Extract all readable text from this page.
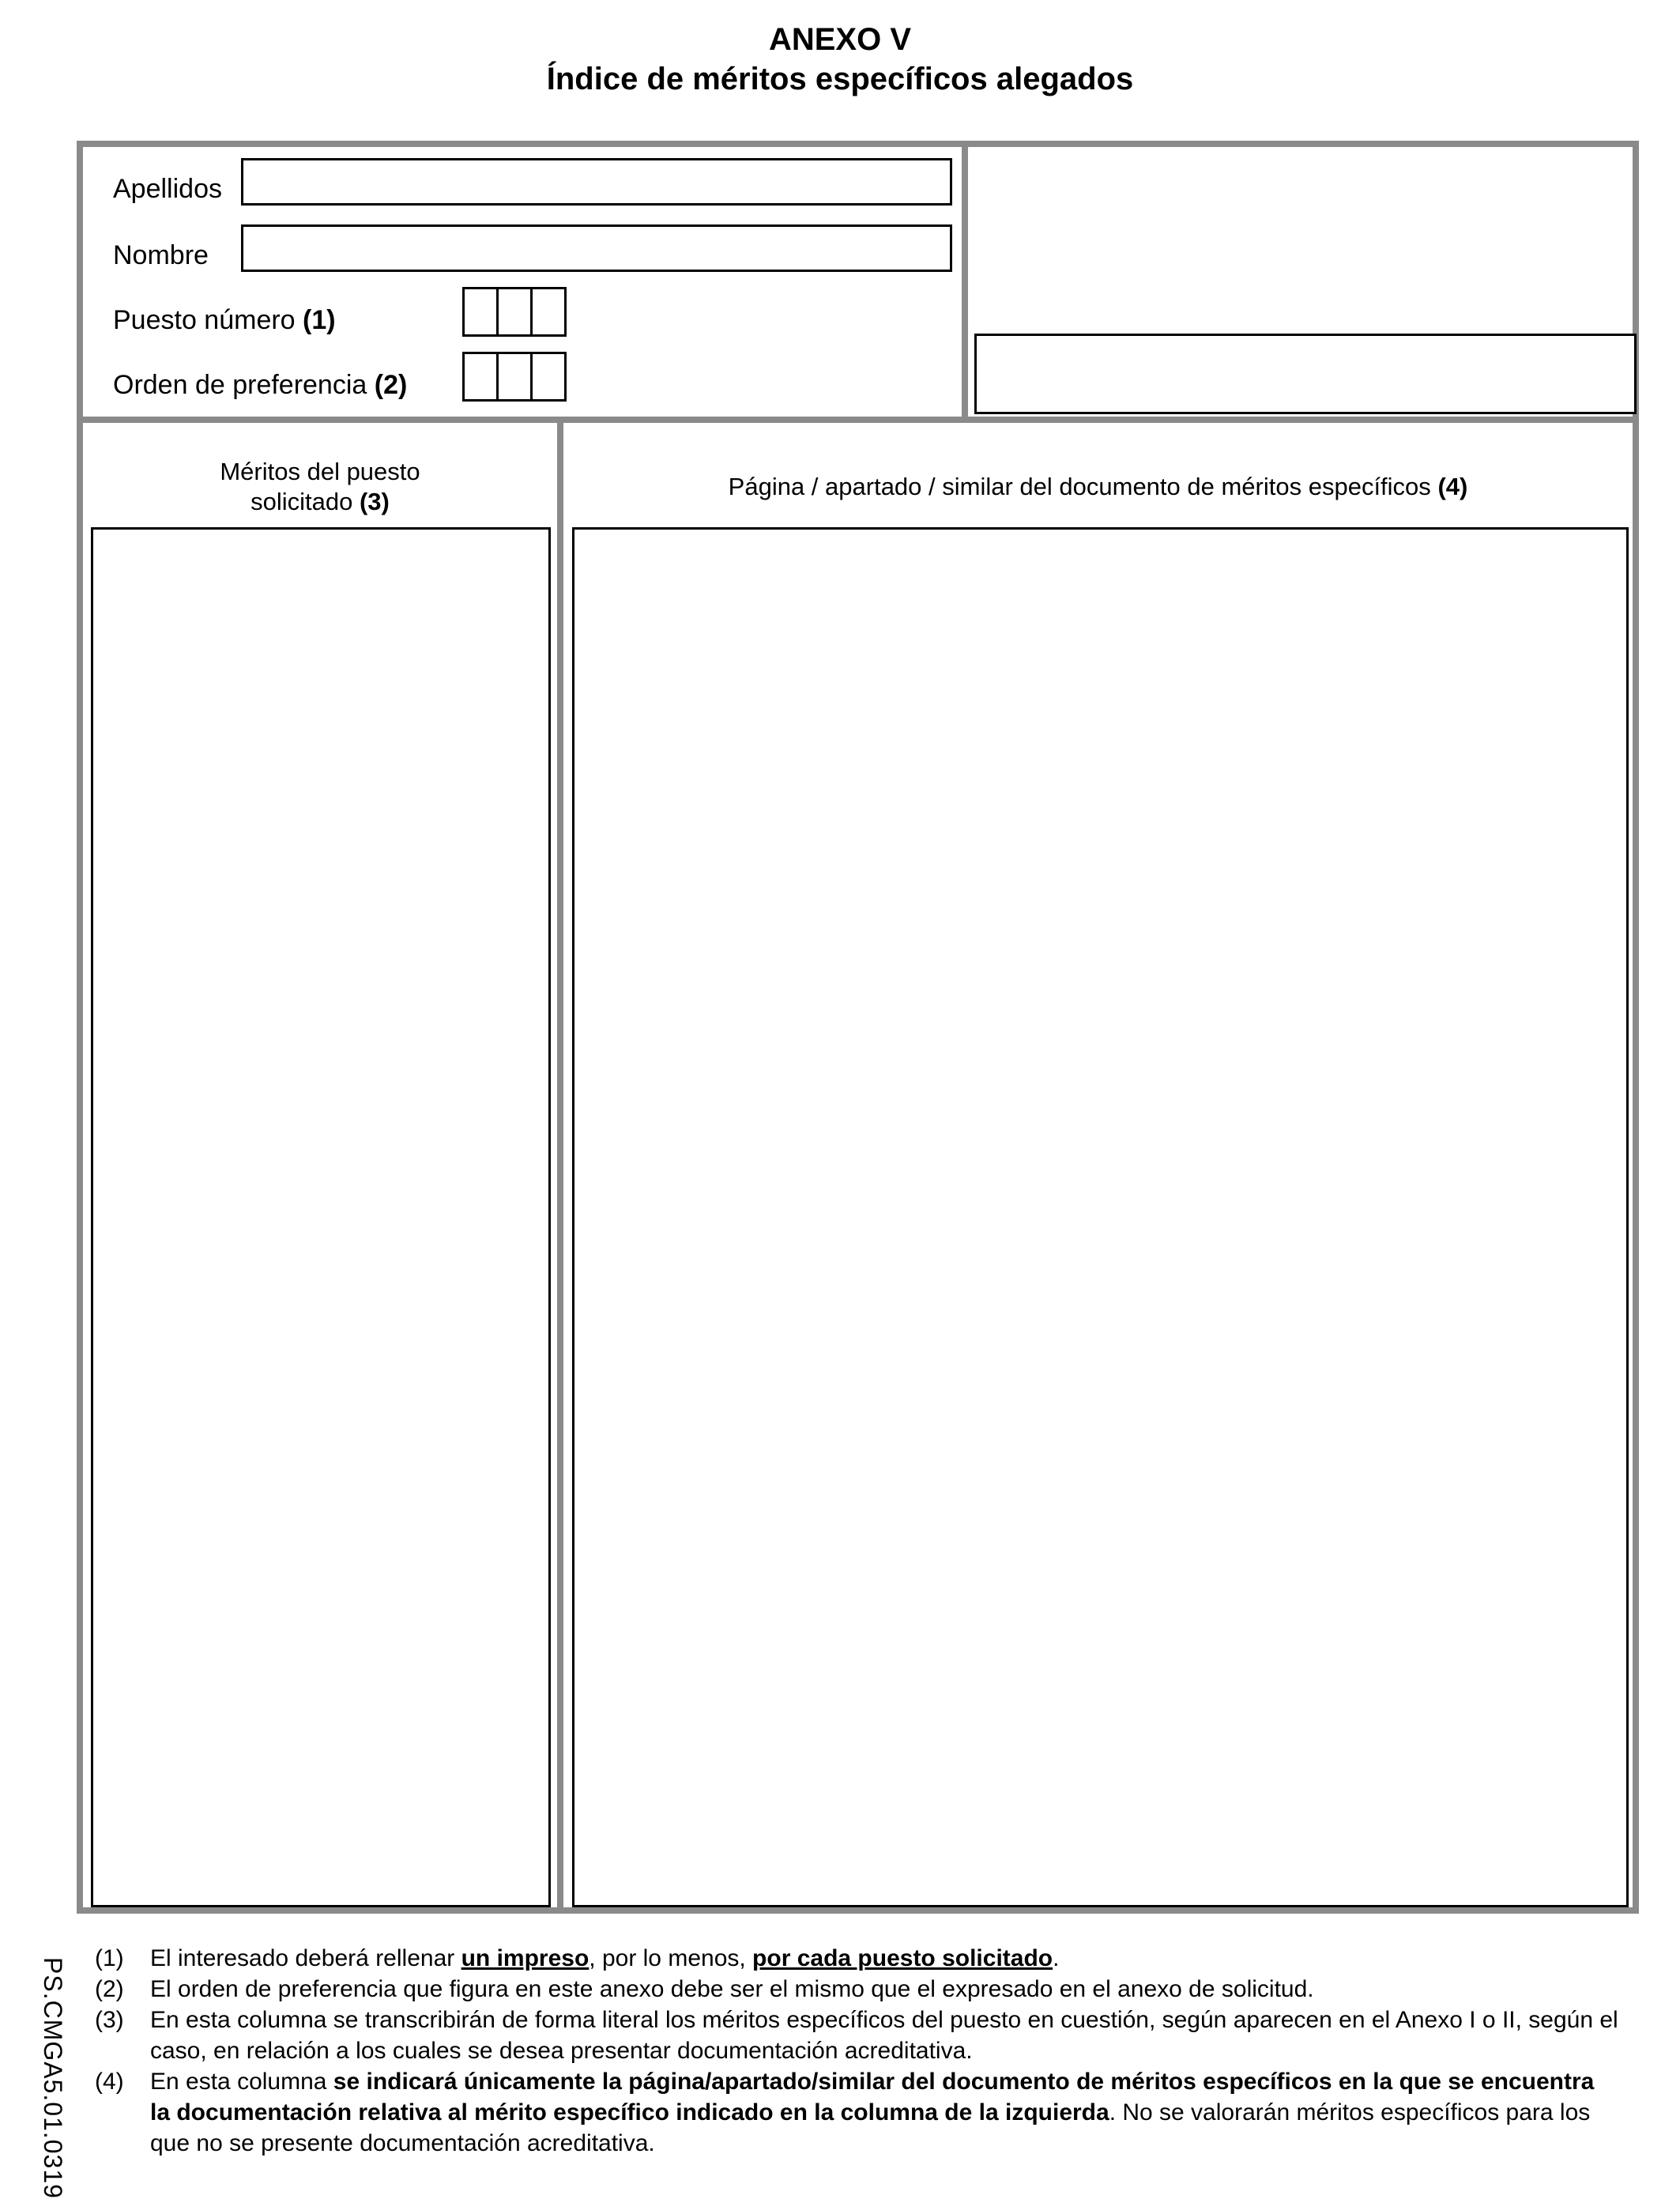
ANEXO V
Índice de méritos específicos alegados
Apellidos
Nombre
Puesto número (1)
Orden de preferencia (2)
Méritos del puesto
solicitado (3)
Página / apartado / similar del documento de méritos específicos (4)
(1)	El interesado deberá rellenar un impreso, por lo menos, por cada puesto solicitado.
(2)	El orden de preferencia que figura en este anexo debe ser el mismo que el expresado en el anexo de solicitud.
(3)	En esta columna se transcribirán de forma literal los méritos específicos del puesto en cuestión, según aparecen en el Anexo I o II, según el caso, en relación a los cuales se desea presentar documentación acreditativa.
(4)	En esta columna se indicará únicamente la página/apartado/similar del documento de méritos específicos en la que se encuentra la documentación relativa al mérito específico indicado en la columna de la izquierda. No se valorarán méritos específicos para los que no se presente documentación acreditativa.
PS.CMGA5.01.0319
